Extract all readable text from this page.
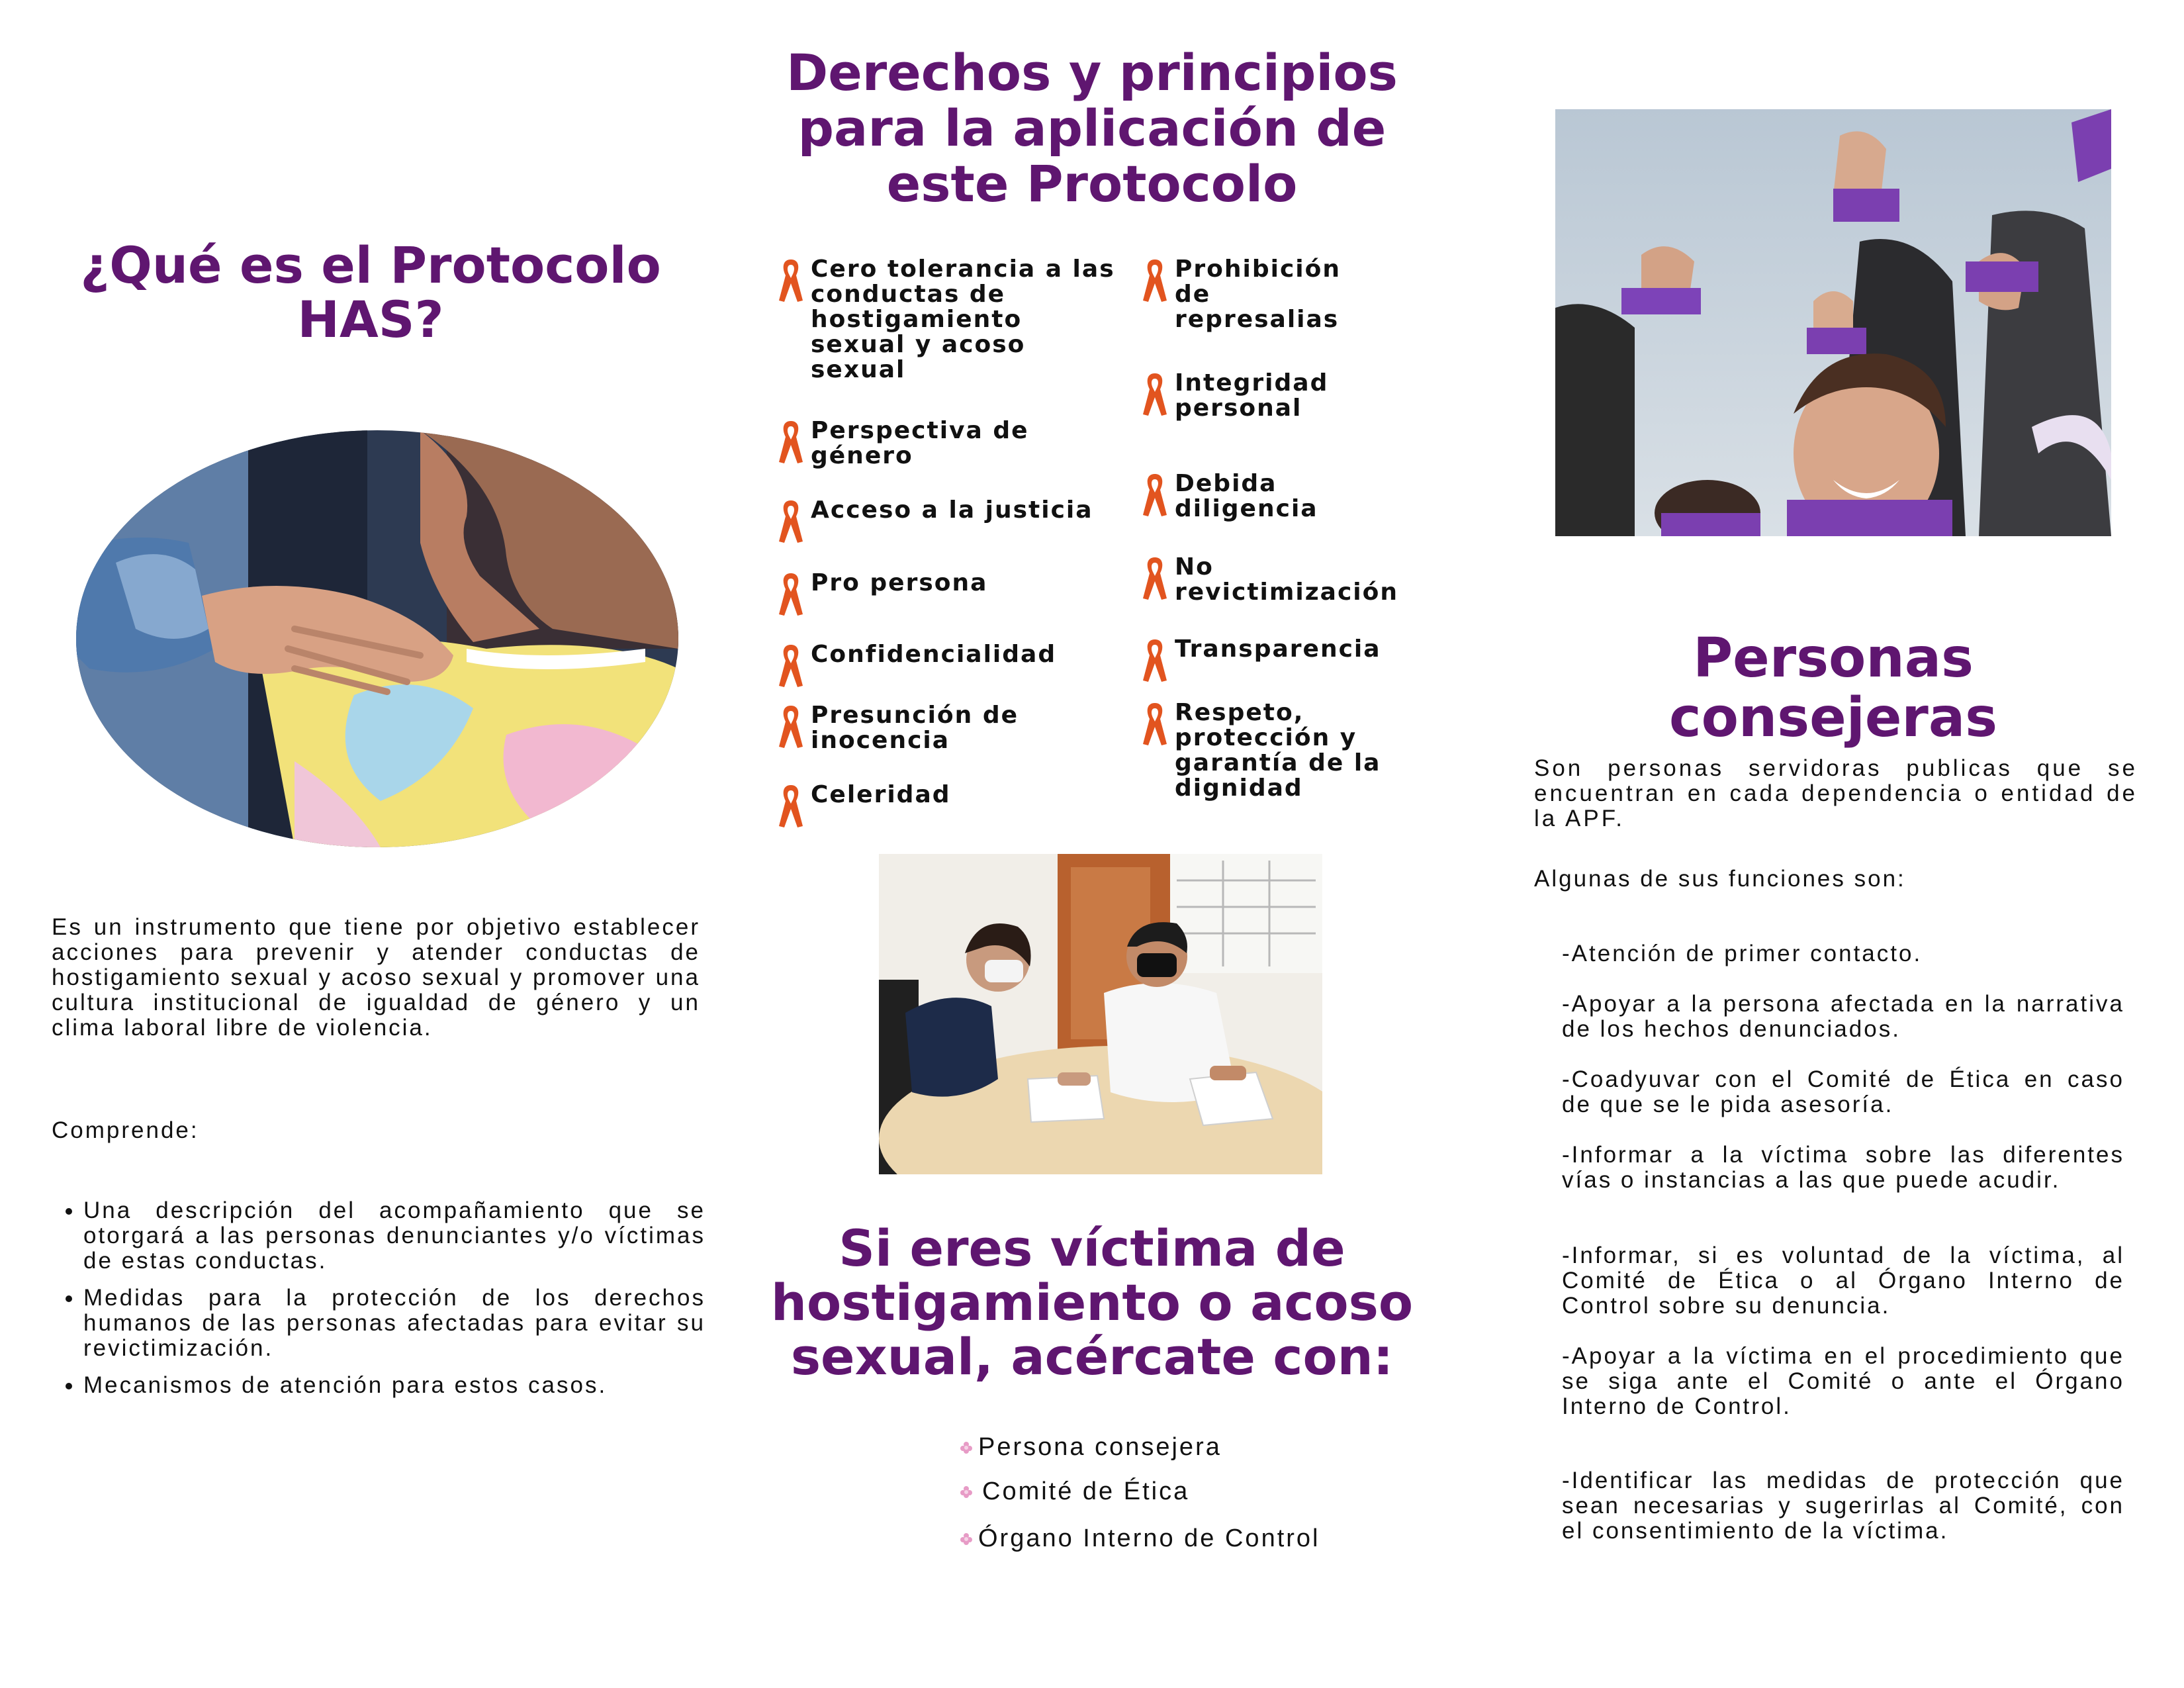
¿Qué es el Protocolo HAS?
Es un instrumento que tiene por objetivo establecer acciones para prevenir y atender conductas de hostigamiento sexual y acoso sexual y promover una cultura institucional de igualdad de género y un clima laboral libre de violencia.
Comprende:
• Una descripción del acompañamiento que se otorgará a las personas denunciantes y/o víctimas de estas conductas.
• Medidas para la protección de los derechos humanos de las personas afectadas para evitar su revictimización.
• Mecanismos de atención para estos casos.
Derechos y principios para la aplicación de este Protocolo
Cero tolerancia a las conductas de hostigamiento sexual y acoso sexual
Perspectiva de género
Acceso a la justicia
Pro persona
Confidencialidad
Presunción de inocencia
Celeridad
Prohibición de represalias
Integridad personal
Debida diligencia
No revictimización
Transparencia
Respeto, protección y garantía de la dignidad
Si eres víctima de hostigamiento o acoso sexual, acércate con:
Persona consejera
Comité de Ética
Órgano Interno de Control
Personas consejeras
Son personas servidoras publicas que se encuentran en cada dependencia o entidad de la APF.
Algunas de sus funciones son:
-Atención de primer contacto.
-Apoyar a la persona afectada en la narrativa de los hechos denunciados.
-Coadyuvar con el Comité de Ética en caso de que se le pida asesoría.
-Informar a la víctima sobre las diferentes vías o instancias a las que puede acudir.
-Informar, si es voluntad de la víctima, al Comité de Ética o al Órgano Interno de Control sobre su denuncia.
-Apoyar a la víctima en el procedimiento que se siga ante el Comité o ante el Órgano Interno de Control.
-Identificar las medidas de protección que sean necesarias y sugerirlas al Comité, con el consentimiento de la víctima.
